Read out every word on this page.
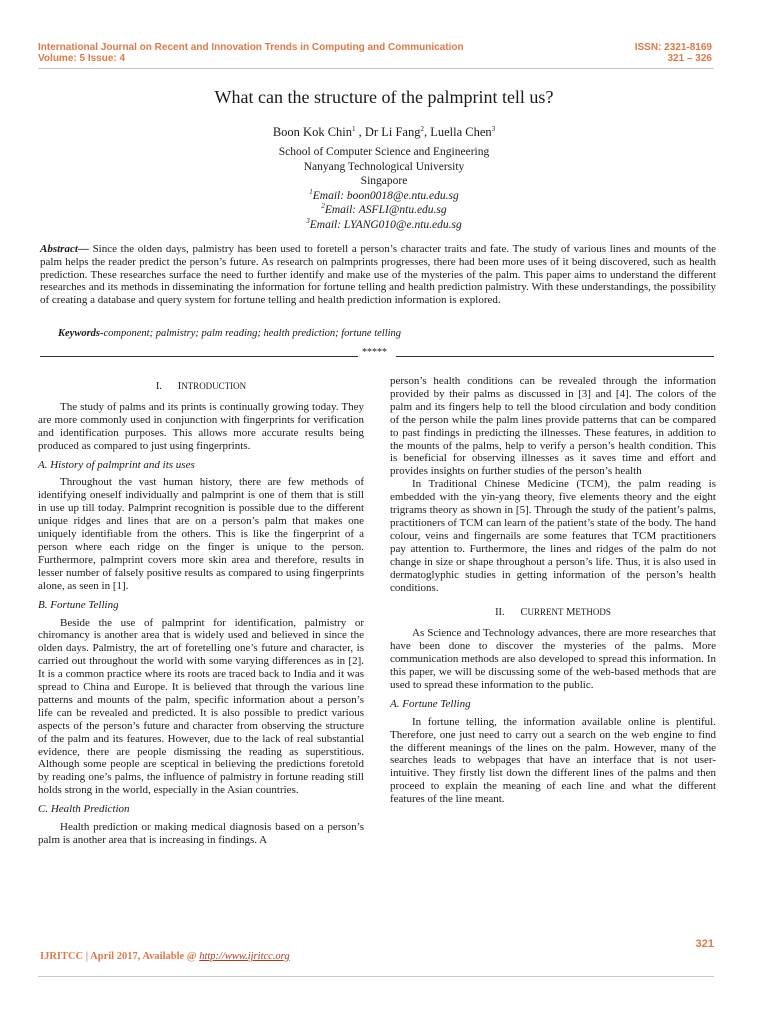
International Journal on Recent and Innovation Trends in Computing and Communication
Volume: 5 Issue: 4
ISSN: 2321-8169
321 – 326
What can the structure of the palmprint tell us?
Boon Kok Chin$^1$ , Dr Li Fang$^2$, Luella Chen$^3$
School of Computer Science and Engineering
Nanyang Technological University
Singapore
$^1$Email: boon0018@e.ntu.edu.sg
$^2$Email: ASFLI@ntu.edu.sg
$^3$Email: LYANG010@e.ntu.edu.sg
Abstract— Since the olden days, palmistry has been used to foretell a person’s character traits and fate. The study of various lines and mounts of the palm helps the reader predict the person’s future. As research on palmprints progresses, there had been more uses of it being discovered, such as health prediction. These researches surface the need to further identify and make use of the mysteries of the palm. This paper aims to understand the different researches and its methods in disseminating the information for fortune telling and health prediction palmistry. With these understandings, the possibility of creating a database and query system for fortune telling and health prediction information is explored.
Keywords-component; palmistry; palm reading; health prediction; fortune telling
*****
I. INTRODUCTION

The study of palms and its prints is continually growing today. They are more commonly used in conjunction with fingerprints for verification and identification purposes. This allows more accurate results being produced as compared to just using fingerprints.

A. History of palmprint and its uses

Throughout the vast human history, there are few methods of identifying oneself individually and palmprint is one of them that is still in use up till today. Palmprint recognition is possible due to the different unique ridges and lines that are on a person’s palm that makes one uniquely identifiable from the others. This is like the fingerprint of a person where each ridge on the finger is unique to the person. Furthermore, palmprint covers more skin area and therefore, results in lesser number of falsely positive results as compared to using fingerprints alone, as seen in [1].

B. Fortune Telling

Beside the use of palmprint for identification, palmistry or chiromancy is another area that is widely used and believed in since the olden days. Palmistry, the art of foretelling one’s future and character, is carried out throughout the world with some varying differences as in [2]. It is a common practice where its roots are traced back to India and it was spread to China and Europe. It is believed that through the various line patterns and mounts of the palm, specific information about a person’s life can be revealed and predicted. It is also possible to predict various aspects of the person’s future and character from observing the structure of the palm and its features. However, due to the lack of real substantial evidence, there are people dismissing the reading as superstitious. Although some people are sceptical in believing the predictions foretold by reading one’s palms, the influence of palmistry in fortune reading still holds strong in the world, especially in the Asian countries.

C. Health Prediction

Health prediction or making medical diagnosis based on a person’s palm is another area that is increasing in findings. A

person’s health conditions can be revealed through the information provided by their palms as discussed in [3] and [4]. The colors of the palm and its fingers help to tell the blood circulation and body condition of the person while the palm lines provide patterns that can be compared to past findings in predicting the illnesses. These features, in addition to the mounts of the palms, help to verify a person’s health condition. This is beneficial for observing illnesses as it saves time and effort and provides insights on further studies of the person’s health

In Traditional Chinese Medicine (TCM), the palm reading is embedded with the yin-yang theory, five elements theory and the eight trigrams theory as shown in [5]. Through the study of the patient’s palms, practitioners of TCM can learn of the patient’s state of the body. The hand colour, veins and fingernails are some features that TCM practitioners pay attention to. Furthermore, the lines and ridges of the palm do not change in size or shape throughout a person’s life. Thus, it is also used in dermatoglyphic studies in getting information of the person’s health conditions.

II. CURRENT METHODS

As Science and Technology advances, there are more researches that have been done to discover the mysteries of the palms. More communication methods are also developed to spread this information. In this paper, we will be discussing some of the web-based methods that are used to spread these information to the public.

A. Fortune Telling

In fortune telling, the information available online is plentiful. Therefore, one just need to carry out a search on the web engine to find the different meanings of the lines on the palm. However, many of the searches leads to webpages that have an interface that is not user-intuitive. They firstly list down the different lines of the palms and then proceed to explain the meaning of each line and what the different features of the line meant.

321
IJRITCC | April 2017, Available @ http://www.ijritcc.org
